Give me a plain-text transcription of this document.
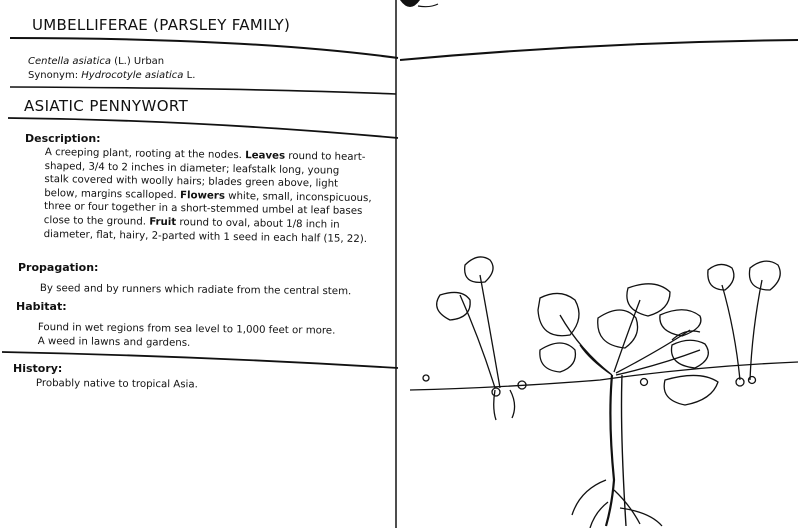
UMBELLIFERAE (PARSLEY FAMILY)
Centella asiatica (L.) Urban
Synonym: Hydrocotyle asiatica L.
ASIATIC PENNYWORT
Description:
A creeping plant, rooting at the nodes. Leaves round to heart-
shaped, 3/4 to 2 inches in diameter; leafstalk long, young
stalk covered with woolly hairs; blades green above, light
below, margins scalloped. Flowers white, small, inconspicuous,
three or four together in a short-stemmed umbel at leaf bases
close to the ground. Fruit round to oval, about 1/8 inch in
diameter, flat, hairy, 2-parted with 1 seed in each half (15, 22).
Propagation:
By seed and by runners which radiate from the central stem.
Habitat:
Found in wet regions from sea level to 1,000 feet or more.
A weed in lawns and gardens.
History:
Probably native to tropical Asia.
